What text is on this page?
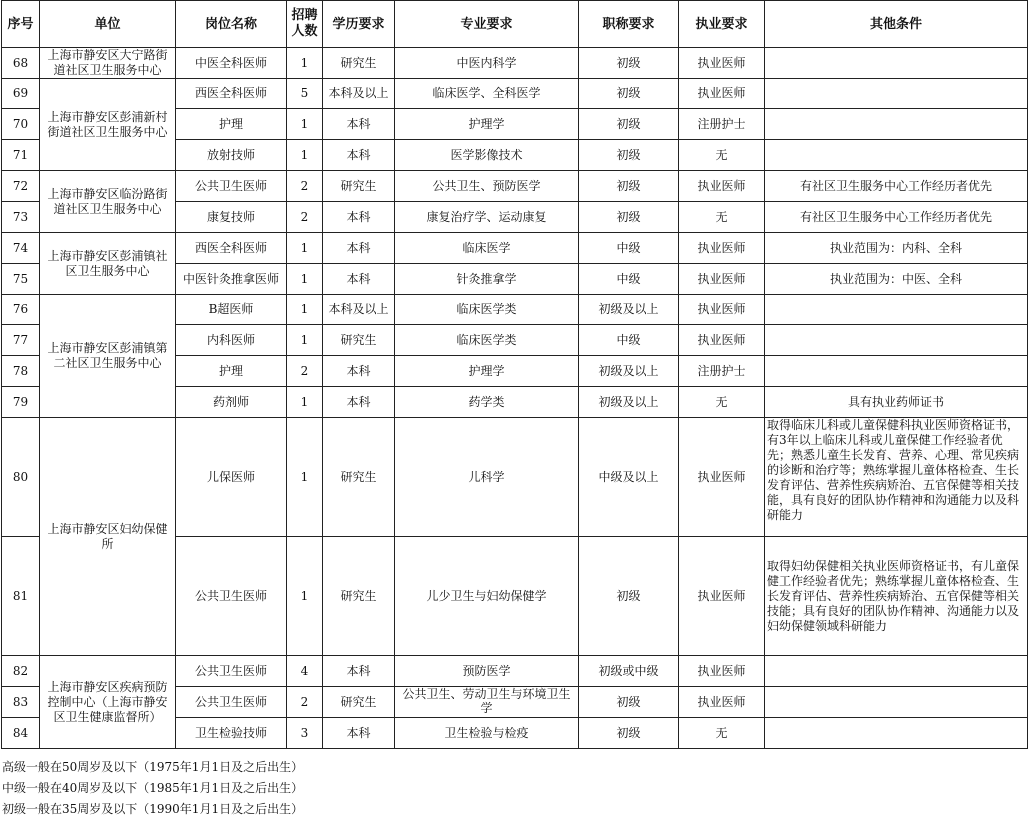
序号	单位	岗位名称	招聘人数	学历要求	专业要求	职称要求	执业要求	其他条件
68	上海市静安区大宁路街道社区卫生服务中心	中医全科医师	1	研究生	中医内科学	初级	执业医师	
69	上海市静安区彭浦新村街道社区卫生服务中心	西医全科医师	5	本科及以上	临床医学、全科医学	初级	执业医师	
70		护理	1	本科	护理学	初级	注册护士	
71		放射技师	1	本科	医学影像技术	初级	无	
72	上海市静安区临汾路街道社区卫生服务中心	公共卫生医师	2	研究生	公共卫生、预防医学	初级	执业医师	有社区卫生服务中心工作经历者优先
73		康复技师	2	本科	康复治疗学、运动康复	初级	无	有社区卫生服务中心工作经历者优先
74	上海市静安区彭浦镇社区卫生服务中心	西医全科医师	1	本科	临床医学	中级	执业医师	执业范围为：内科、全科
75		中医针灸推拿医师	1	本科	针灸推拿学	中级	执业医师	执业范围为：中医、全科
76	上海市静安区彭浦镇第二社区卫生服务中心	B超医师	1	本科及以上	临床医学类	初级及以上	执业医师	
77		内科医师	1	研究生	临床医学类	中级	执业医师	
78		护理	2	本科	护理学	初级及以上	注册护士	
79		药剂师	1	本科	药学类	初级及以上	无	具有执业药师证书
80	上海市静安区妇幼保健所	儿保医师	1	研究生	儿科学	中级及以上	执业医师	取得临床儿科或儿童保健科执业医师资格证书，有3年以上临床儿科或儿童保健工作经验者优先；熟悉儿童生长发育、营养、心理、常见疾病的诊断和治疗等；熟练掌握儿童体格检查、生长发育评估、营养性疾病矫治、五官保健等相关技能，具有良好的团队协作精神和沟通能力以及科研能力

81		公共卫生医师	1	研究生	儿少卫生与妇幼保健学	初级	执业医师	取得妇幼保健相关执业医师资格证书，有儿童保健工作经验者优先；熟练掌握儿童体格检查、生长发育评估、营养性疾病矫治、五官保健等相关技能；具有良好的团队协作精神、沟通能力以及妇幼保健领域科研能力

82	上海市静安区疾病预防控制中心（上海市静安区卫生健康监督所）	公共卫生医师	4	本科	预防医学	初级或中级	执业医师	
83		公共卫生医师	2	研究生	公共卫生、劳动卫生与环境卫生学	初级	执业医师	
84		卫生检验技师	3	本科	卫生检验与检疫	初级	无	
高级一般在50周岁及以下（1975年1月1日及之后出生）
中级一般在40周岁及以下（1985年1月1日及之后出生）
初级一般在35周岁及以下（1990年1月1日及之后出生）
